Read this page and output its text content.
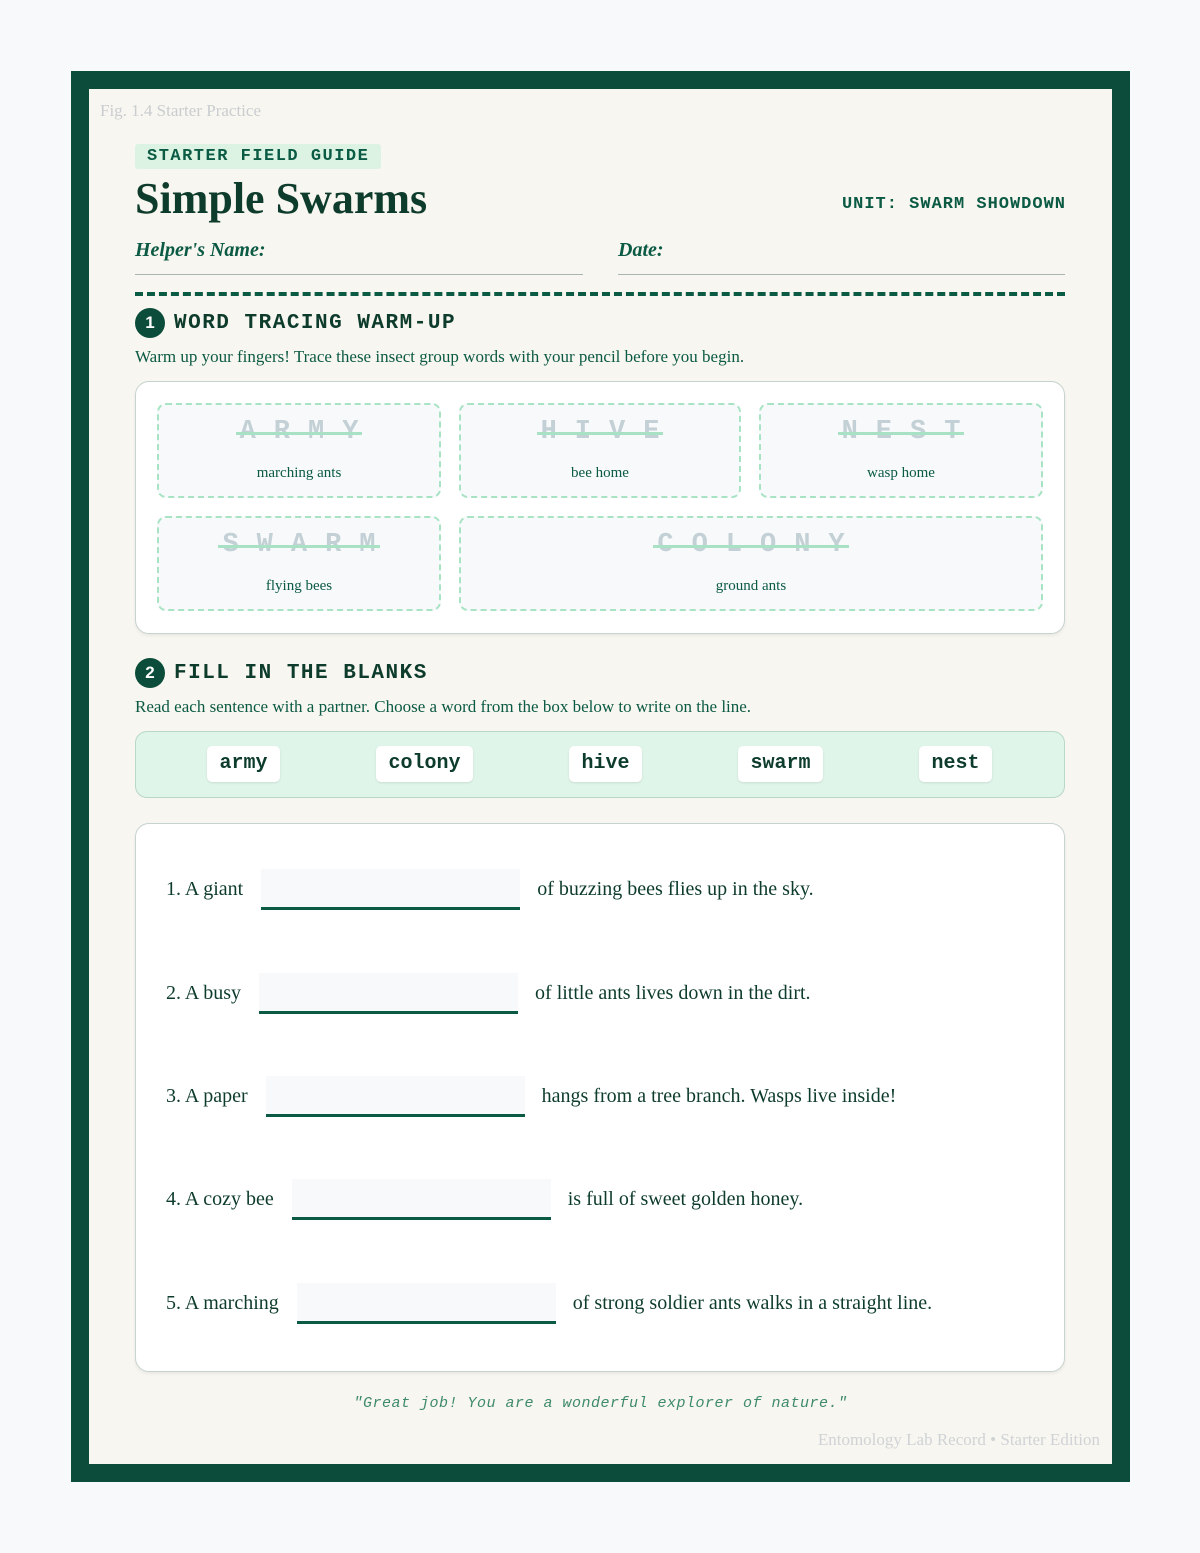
Fig. 1.4 Starter Practice
STARTER FIELD GUIDE
Simple Swarms	UNIT: SWARM SHOWDOWN
Helper's Name:	Date:
1 WORD TRACING WARM-UP
Warm up your fingers! Trace these insect group words with your pencil before you begin.
ARMY
marching ants
HIVE
bee home
NEST
wasp home
SWARM
flying bees
COLONY
ground ants
2 FILL IN THE BLANKS
Read each sentence with a partner. Choose a word from the box below to write on the line.
army	colony	hive	swarm	nest
1. A giant	of buzzing bees flies up in the sky.
2. A busy	of little ants lives down in the dirt.
3. A paper	hangs from a tree branch. Wasps live inside!
4. A cozy bee	is full of sweet golden honey.
5. A marching	of strong soldier ants walks in a straight line.
"Great job! You are a wonderful explorer of nature."
Entomology Lab Record • Starter Edition
